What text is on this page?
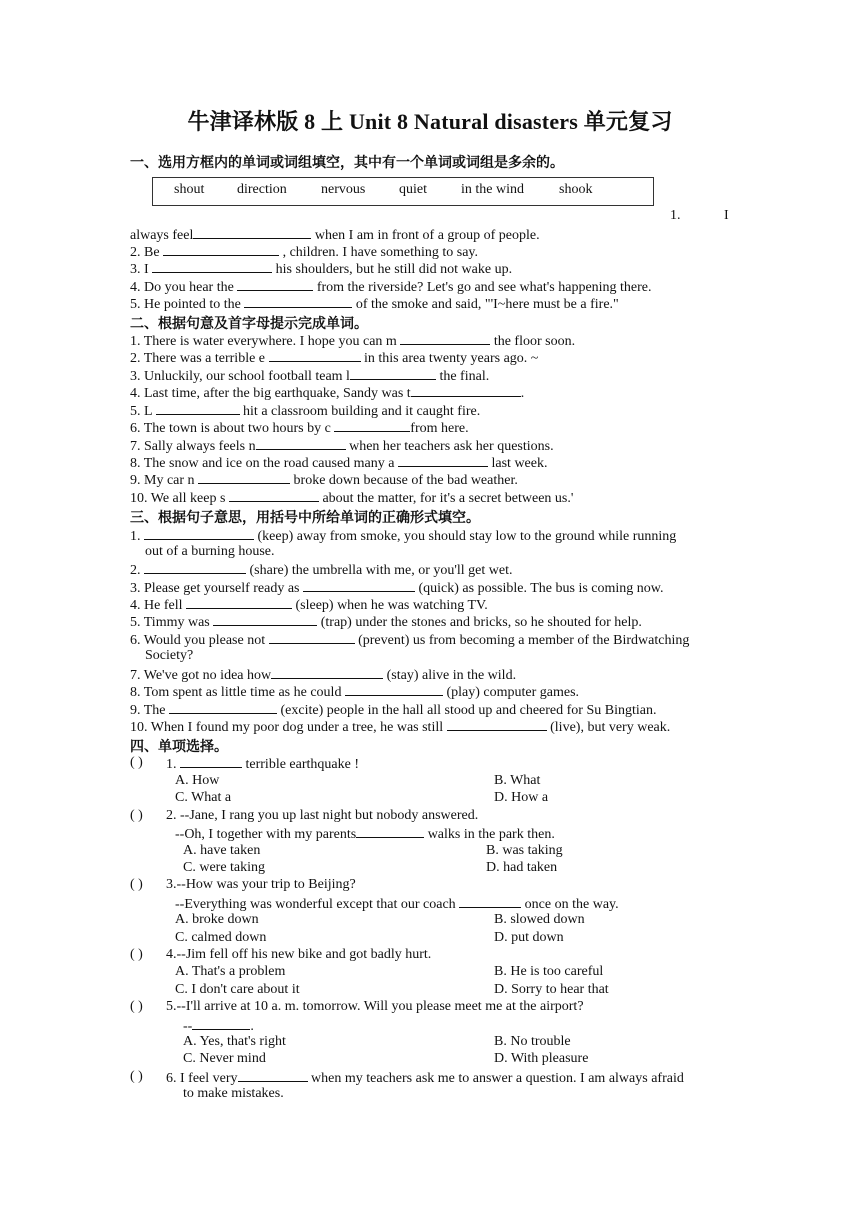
牛津译林版 8 上 Unit 8 Natural disasters 单元复习
一、选用方框内的单词或词组填空，其中有一个单词或词组是多余的。
shout direction nervous quiet in the wind	shook
1.	I
always feel	when I am in front of a group of people.
2. Be	, children. I have something to say.
3. I	his shoulders, but he still did not wake up.
4. Do you hear the	from the riverside? Let's go and see what's happening there.
5. He pointed to the	of the smoke and said, "'I~here must be a fire."
二、根据句意及首字母提示完成单词。
1. There is water everywhere. I hope you can m	the floor soon.
2. There was a terrible e	in this area twenty years ago. ~
3. Unluckily, our school football team l	the final.
4. Last time, after the big earthquake, Sandy was t	.
5. L	hit a classroom building and it caught fire.
6. The town is about two hours by c	from here.
7. Sally always feels n	when her teachers ask her questions.
8. The snow and ice on the road caused many a	last week.
9. My car n	broke down because of the bad weather.
10. We all keep s	about the matter, for it's a secret between us.'
三、根据句子意思，用括号中所给单词的正确形式填空。
1.	(keep) away from smoke, you should stay low to the ground while running
out of a burning house.
2.	(share) the umbrella with me, or you'll get wet.
3. Please get yourself ready as	(quick) as possible. The bus is coming now.
4. He fell	(sleep) when he was watching TV.
5. Timmy was	(trap) under the stones and bricks, so he shouted for help.
6. Would you please not	(prevent) us from becoming a member of the Birdwatching
Society?
7. We've got no idea how	(stay) alive in the wild.
8. Tom spent as little time as he could	(play) computer games.
9. The	(excite) people in the hall all stood up and cheered for Su Bingtian.
10. When I found my poor dog under a tree, he was still	(live), but very weak.
四、单项选择。
( ) 1.	terrible earthquake !
A. How	B. What
C. What a	D. How a
( ) 2. --Jane, I rang you up last night but nobody answered.
--Oh, I together with my parents	walks in the park then.
A. have taken	B. was taking
C. were taking	D. had taken
( ) 3.--How was your trip to Beijing?
--Everything was wonderful except that our coach	once on the way.
A. broke down	B. slowed down
C. calmed down	D. put down
( ) 4.--Jim fell off his new bike and got badly hurt.
A. That's a problem	B. He is too careful
C. I don't care about it	D. Sorry to hear that
( ) 5.--I'll arrive at 10 a. m. tomorrow. Will you please meet me at the airport?
--	.
A. Yes, that's right	B. No trouble
C. Never mind	D. With pleasure
( ) 6. I feel very	when my teachers ask me to answer a question. I am always afraid
to make mistakes.
